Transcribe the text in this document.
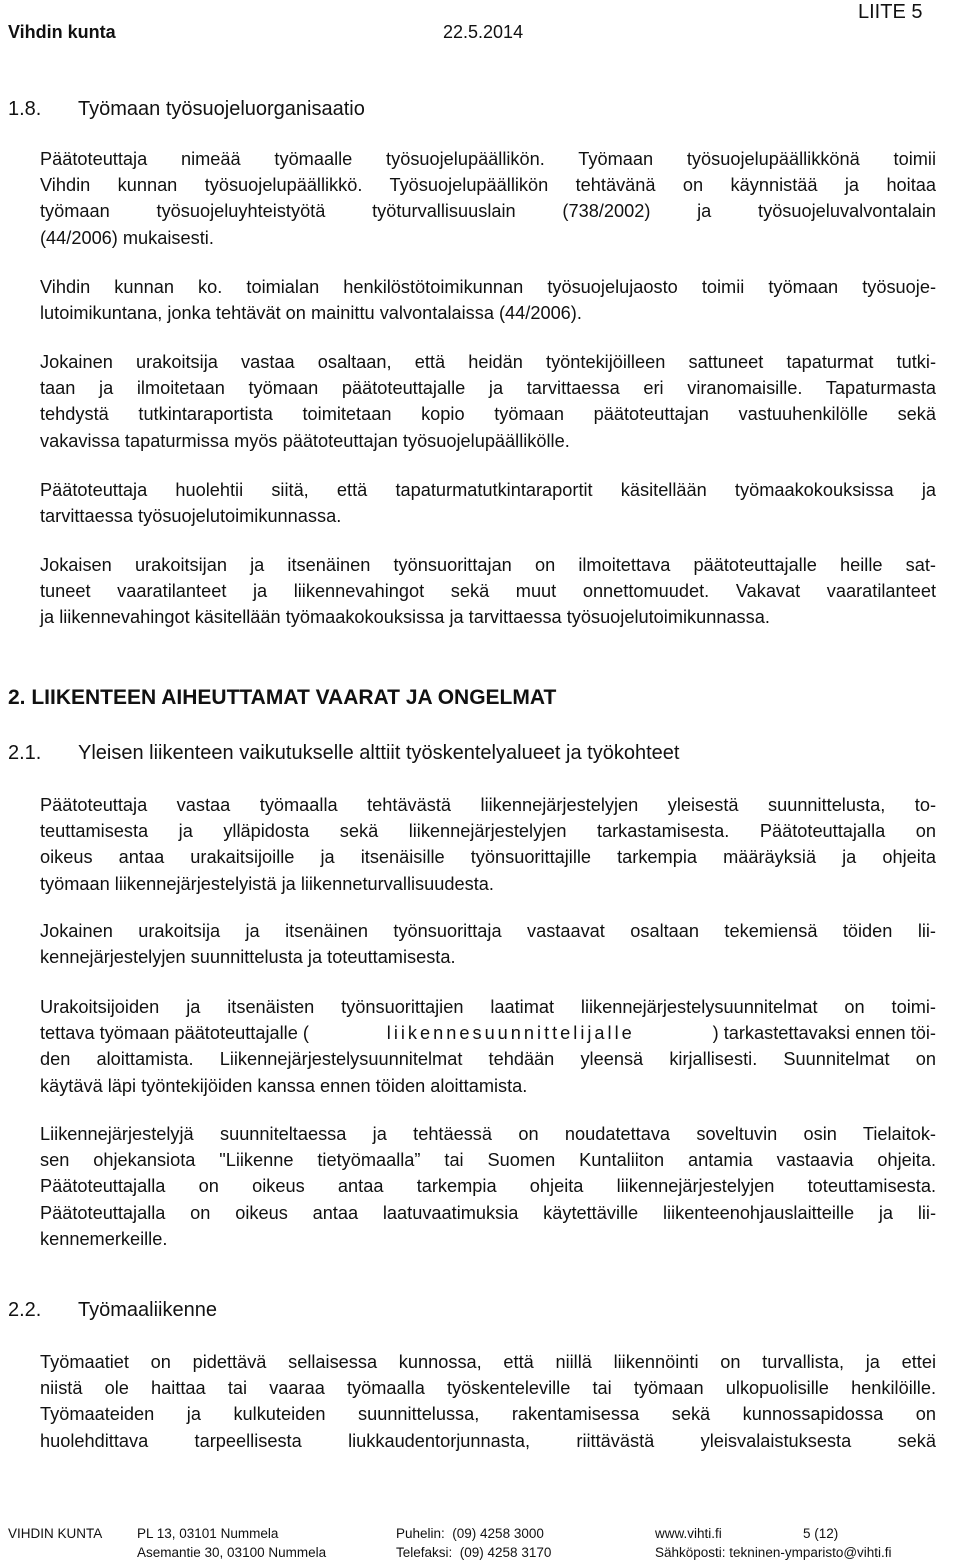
Vihdin kunta	22.5.2014
LIITE 5
1.8. Työmaan työsuojeluorganisaatio
Päätoteuttaja nimeää työmaalle työsuojelupäällikön. Työmaan työsuojelupäällikkönä toimii
Vihdin kunnan työsuojelupäällikkö. Työsuojelupäällikön tehtävänä on käynnistää ja hoitaa
työmaan työsuojeluyhteistyötä työturvallisuuslain (738/2002) ja työsuojeluvalvontalain
(44/2006) mukaisesti.
Vihdin kunnan ko. toimialan henkilöstötoimikunnan työsuojelujaosto toimii työmaan työsuoje-
lutoimikuntana, jonka tehtävät on mainittu valvontalaissa (44/2006).
Jokainen urakoitsija vastaa osaltaan, että heidän työntekijöilleen sattuneet tapaturmat tutki-
taan ja ilmoitetaan työmaan päätoteuttajalle ja tarvittaessa eri viranomaisille. Tapaturmasta
tehdystä tutkintaraportista toimitetaan kopio työmaan päätoteuttajan vastuuhenkilölle sekä
vakavissa tapaturmissa myös päätoteuttajan työsuojelupäällikölle.
Päätoteuttaja huolehtii siitä, että tapaturmatutkintaraportit käsitellään työmaakokouksissa ja
tarvittaessa työsuojelutoimikunnassa.
Jokaisen urakoitsijan ja itsenäinen työnsuorittajan on ilmoitettava päätoteuttajalle heille sat-
tuneet vaaratilanteet ja liikennevahingot sekä muut onnettomuudet. Vakavat vaaratilanteet
ja liikennevahingot käsitellään työmaakokouksissa ja tarvittaessa työsuojelutoimikunnassa.
2. LIIKENTEEN AIHEUTTAMAT VAARAT JA ONGELMAT
2.1. Yleisen liikenteen vaikutukselle alttiit työskentelyalueet ja työkohteet
Päätoteuttaja vastaa työmaalla tehtävästä liikennejärjestelyjen yleisestä suunnittelusta, to-
teuttamisesta ja ylläpidosta sekä liikennejärjestelyjen tarkastamisesta. Päätoteuttajalla on
oikeus antaa urakaitsijoille ja itsenäisille työnsuorittajille tarkempia määräyksiä ja ohjeita
työmaan liikennejärjestelyistä ja liikenneturvallisuudesta.
Jokainen urakoitsija ja itsenäinen työnsuorittaja vastaavat osaltaan tekemiensä töiden lii-
kennejärjestelyjen suunnittelusta ja toteuttamisesta.
Urakoitsijoiden ja itsenäisten työnsuorittajien laatimat liikennejärjestelysuunnitelmat on toimi-
tettava työmaan päätoteuttajalle (	liikennesuunnittelijalle	) tarkastettavaksi ennen töi-
den aloittamista. Liikennejärjestelysuunnitelmat tehdään yleensä kirjallisesti. Suunnitelmat on
käytävä läpi työntekijöiden kanssa ennen töiden aloittamista.
Liikennejärjestelyjä suunniteltaessa ja tehtäessä on noudatettava soveltuvin osin Tielaitok-
sen ohjekansiota "Liikenne tietyömaalla” tai Suomen Kuntaliiton antamia vastaavia ohjeita.
Päätoteuttajalla on oikeus antaa tarkempia ohjeita liikennejärjestelyjen toteuttamisesta.
Päätoteuttajalla on oikeus antaa laatuvaatimuksia käytettäville liikenteenohjauslaitteille ja lii-
kennemerkeille.
2.2. Työmaaliikenne
Työmaatiet on pidettävä sellaisessa kunnossa, että niillä liikennöinti on turvallista, ja ettei
niistä ole haittaa tai vaaraa työmaalla työskenteleville tai työmaan ulkopuolisille henkilöille.
Työmaateiden ja kulkuteiden suunnittelussa, rakentamisessa sekä kunnossapidossa on
huolehdittava tarpeellisesta liukkaudentorjunnasta, riittävästä yleisvalaistuksesta sekä
VIHDIN KUNTA	PL 13, 03101 Nummela
Asemantie 30, 03100 Nummela
Puhelin:  (09) 4258 3000
Telefaksi:  (09) 4258 3170
www.vihti.fi
Sähköposti: tekninen-ymparisto@vihti.fi
5 (12)
